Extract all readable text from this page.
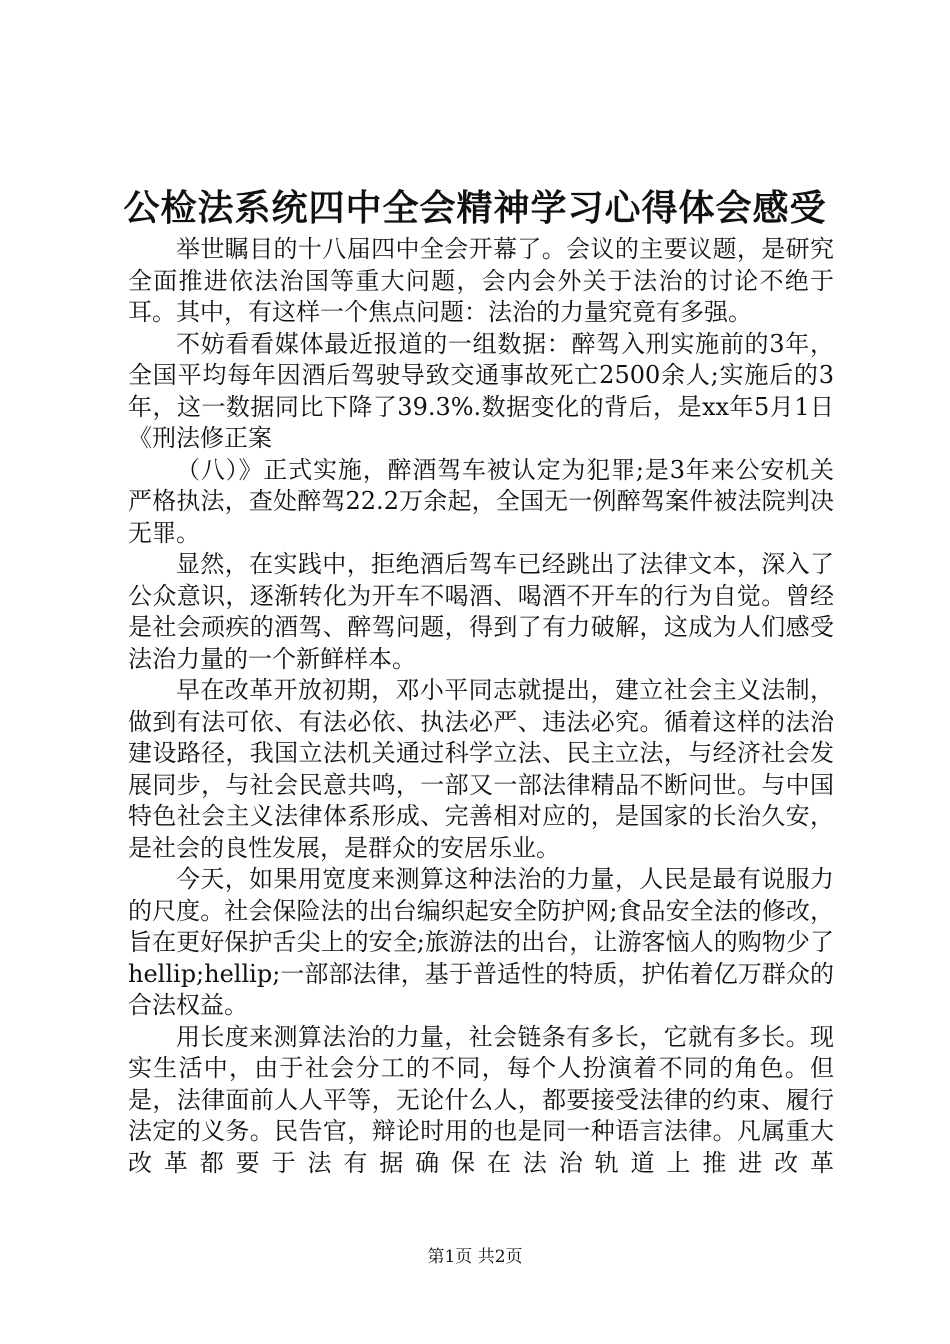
公检法系统四中全会精神学习心得体会感受

举世瞩目的十八届四中全会开幕了。会议的主要议题，是研究全面推进依法治国等重大问题，会内会外关于法治的讨论不绝于耳。其中，有这样一个焦点问题：法治的力量究竟有多强。

不妨看看媒体最近报道的一组数据：醉驾入刑实施前的3年，全国平均每年因酒后驾驶导致交通事故死亡2500余人;实施后的3年，这一数据同比下降了39.3%.数据变化的背后，是xx年5月1日《刑法修正案

（八）》正式实施，醉酒驾车被认定为犯罪;是3年来公安机关严格执法，查处醉驾22.2万余起，全国无一例醉驾案件被法院判决无罪。

显然，在实践中，拒绝酒后驾车已经跳出了法律文本，深入了公众意识，逐渐转化为开车不喝酒、喝酒不开车的行为自觉。曾经是社会顽疾的酒驾、醉驾问题，得到了有力破解，这成为人们感受法治力量的一个新鲜样本。

早在改革开放初期，邓小平同志就提出，建立社会主义法制，做到有法可依、有法必依、执法必严、违法必究。循着这样的法治建设路径，我国立法机关通过科学立法、民主立法，与经济社会发展同步，与社会民意共鸣，一部又一部法律精品不断问世。与中国特色社会主义法律体系形成、完善相对应的，是国家的长治久安，是社会的良性发展，是群众的安居乐业。

今天，如果用宽度来测算这种法治的力量，人民是最有说服力的尺度。社会保险法的出台编织起安全防护网;食品安全法的修改，旨在更好保护舌尖上的安全;旅游法的出台，让游客恼人的购物少了hellip;hellip;一部部法律，基于普适性的特质，护佑着亿万群众的合法权益。

用长度来测算法治的力量，社会链条有多长，它就有多长。现实生活中，由于社会分工的不同，每个人扮演着不同的角色。但是，法律面前人人平等，无论什么人，都要接受法律的约束、履行法定的义务。民告官，辩论时用的也是同一种语言法律。凡属重大改革都要于法有据确保在法治轨道上推进改革

第1页 共2页
